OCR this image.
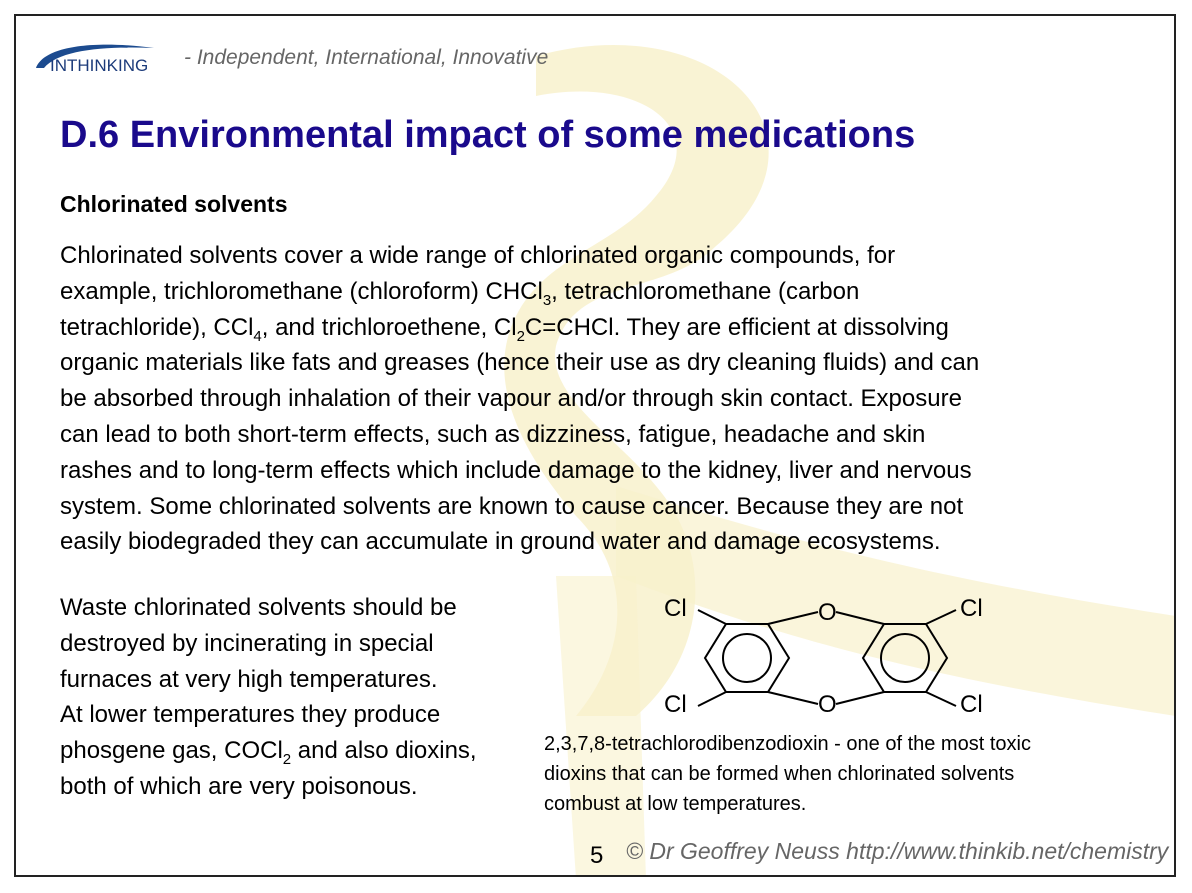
INTHINKING - Independent, International, Innovative
D.6 Environmental impact of some medications
Chlorinated solvents

Chlorinated solvents cover a wide range of chlorinated organic compounds, for
example, trichloromethane (chloroform) CHCl$_3$, tetrachloromethane (carbon
tetrachloride), CCl$_4$, and trichloroethene, $Cl_2C=CHCl$. They are efficient at dissolving
organic materials like fats and greases (hence their use as dry cleaning fluids) and can
be absorbed through inhalation of their vapour and/or through skin contact. Exposure
can lead to both short-term effects, such as dizziness, fatigue, headache and skin
rashes and to long-term effects which include damage to the kidney, liver and nervous
system. Some chlorinated solvents are known to cause cancer. Because they are not
easily biodegraded they can accumulate in ground water and damage ecosystems.

Waste chlorinated solvents should be
destroyed by incinerating in special
furnaces at very high temperatures.
At lower temperatures they produce
phosgene gas, COCl$_2$ and also dioxins,
both of which are very poisonous.

Cl
Cl
Cl
Cl
O
O

2,3,7,8-tetrachlorodibenzodioxin - one of the most toxic
dioxins that can be formed when chlorinated solvents
combust at low temperatures.

5 © Dr Geoffrey Neuss http://www.thinkib.net/chemistry
